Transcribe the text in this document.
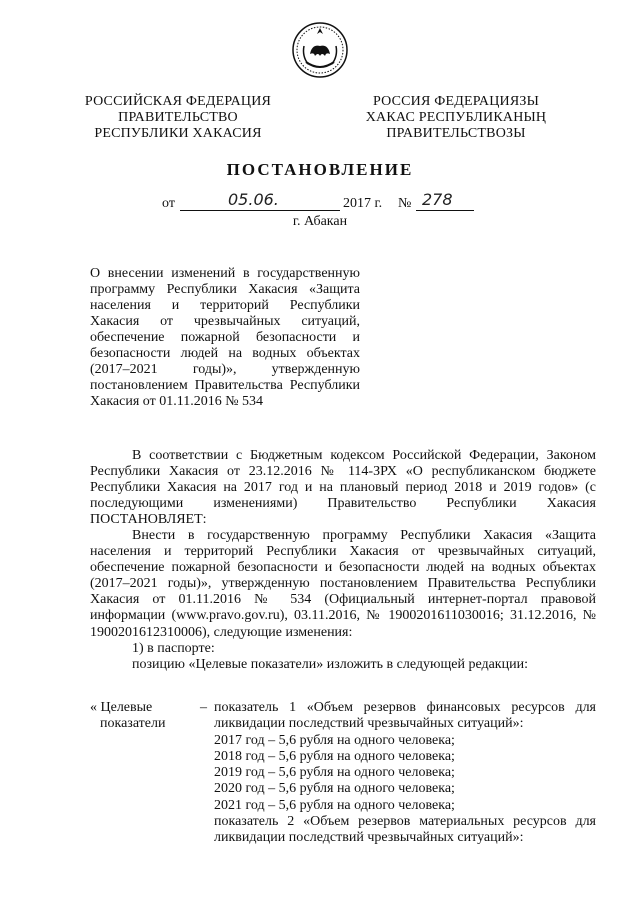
РОССИЙСКАЯ ФЕДЕРАЦИЯ
ПРАВИТЕЛЬСТВО
РЕСПУБЛИКИ ХАКАСИЯ
РОССИЯ ФЕДЕРАЦИЯЗЫ
ХАКАС РЕСПУБЛИКАНЫҢ
ПРАВИТЕЛЬСТВОЗЫ
ПОСТАНОВЛЕНИЕ
от	05.06.	2017 г. № 278
г. Абакан
О внесении изменений в государственную программу Республики Хакасия «Защита населения и территорий Республики Хакасия от чрезвычайных ситуаций, обеспечение пожарной безопасности и безопасности людей на водных объектах (2017–2021 годы)», утвержденную постановлением Правительства Республики Хакасия от 01.11.2016 № 534
В соответствии с Бюджетным кодексом Российской Федерации, Законом Республики Хакасия от 23.12.2016 № 114-ЗРХ «О республиканском бюджете Республики Хакасия на 2017 год и на плановый период 2018 и 2019 годов» (с последующими изменениями) Правительство Республики Хакасия ПОСТАНОВЛЯЕТ:
Внести в государственную программу Республики Хакасия «Защита населения и территорий Республики Хакасия от чрезвычайных ситуаций, обеспечение пожарной безопасности и безопасности людей на водных объектах (2017–2021 годы)», утвержденную постановлением Правительства Республики Хакасия от 01.11.2016 № 534 (Официальный интернет-портал правовой информации (www.pravo.gov.ru), 03.11.2016, № 1900201611030016; 31.12.2016, № 1900201612310006), следующие изменения:
1) в паспорте:
позицию «Целевые показатели» изложить в следующей редакции:
« Целевые
показатели
– показатель 1 «Объем резервов финансовых ресурсов для ликвидации последствий чрезвычайных ситуаций»:
2017 год – 5,6 рубля на одного человека;
2018 год – 5,6 рубля на одного человека;
2019 год – 5,6 рубля на одного человека;
2020 год – 5,6 рубля на одного человека;
2021 год – 5,6 рубля на одного человека;
показатель 2 «Объем резервов материальных ресурсов для ликвидации последствий чрезвычайных ситуаций»:
